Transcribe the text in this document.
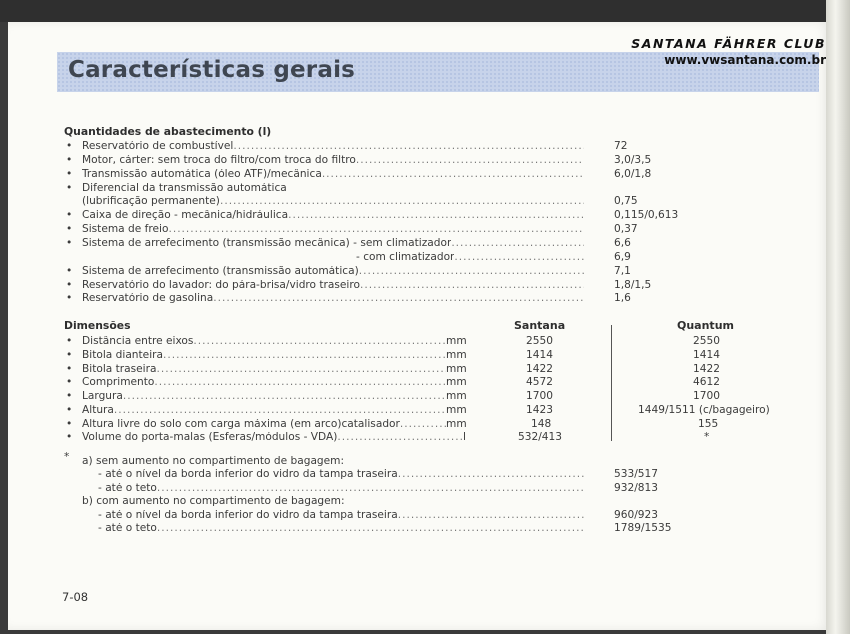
Características gerais
SANTANA FÄHRER CLUB
www.vwsantana.com.br
Quantidades de abastecimento (l)
• Reservatório de combustível .....	72
• Motor, cárter: sem troca do filtro/com troca do filtro .....	3,0/3,5
• Transmissão automática (óleo ATF)/mecânica .....	6,0/1,8
• Diferencial da transmissão automática
(lubrificação permanente) .....	0,75
• Caixa de direção - mecânica/hidráulica .....	0,115/0,613
• Sistema de freio .....	0,37
• Sistema de arrefecimento (transmissão mecânica) - sem climatizador .....	6,6
- com climatizador .....	6,9
• Sistema de arrefecimento (transmissão automática) .....	7,1
• Reservatório do lavador: do pára-brisa/vidro traseiro .....	1,8/1,5
• Reservatório de gasolina .....	1,6
Dimensões	Santana	Quantum
• Distância entre eixos .....	mm	2550	2550
• Bitola dianteira .....	mm	1414	1414
• Bitola traseira .....	mm	1422	1422
• Comprimento .....	mm	4572	4612
• Largura .....	mm	1700	1700
• Altura .....	mm	1423	1449/1511 (c/bagageiro)
• Altura livre do solo com carga máxima (em arco)catalisador .....	mm	148	155
• Volume do porta-malas (Esferas/módulos - VDA) .....	l	532/413	*
* a) sem aumento no compartimento de bagagem:
- até o nível da borda inferior do vidro da tampa traseira .....	533/517
- até o teto .....	932/813
b) com aumento no compartimento de bagagem:
- até o nível da borda inferior do vidro da tampa traseira .....	960/923
- até o teto .....	1789/1535
7-08
